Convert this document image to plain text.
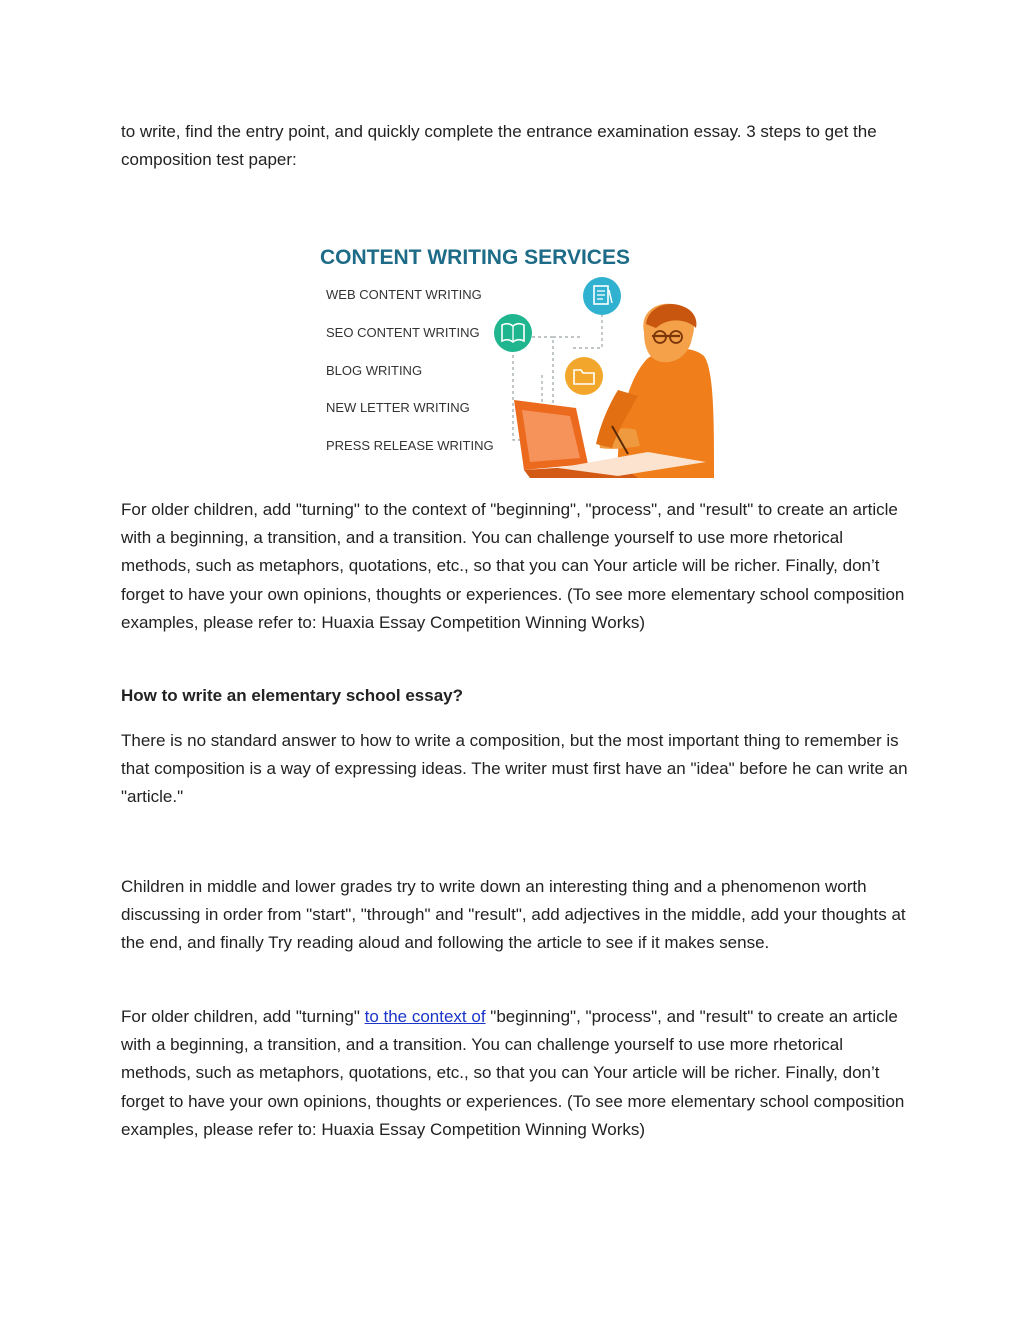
to write, find the entry point, and quickly complete the entrance examination essay. 3 steps to get the composition test paper:
CONTENT WRITING SERVICES
WEB CONTENT WRITING
SEO CONTENT WRITING
BLOG WRITING
NEW LETTER WRITING
PRESS RELEASE WRITING
For older children, add "turning" to the context of "beginning", "process", and "result" to create an article with a beginning, a transition, and a transition. You can challenge yourself to use more rhetorical methods, such as metaphors, quotations, etc., so that you can Your article will be richer. Finally, don’t forget to have your own opinions, thoughts or experiences. (To see more elementary school composition examples, please refer to: Huaxia Essay Competition Winning Works)
How to write an elementary school essay?
There is no standard answer to how to write a composition, but the most important thing to remember is that composition is a way of expressing ideas. The writer must first have an "idea" before he can write an "article."
Children in middle and lower grades try to write down an interesting thing and a phenomenon worth discussing in order from "start", "through" and "result", add adjectives in the middle, add your thoughts at the end, and finally Try reading aloud and following the article to see if it makes sense.
For older children, add "turning" to the context of "beginning", "process", and "result" to create an article with a beginning, a transition, and a transition. You can challenge yourself to use more rhetorical methods, such as metaphors, quotations, etc., so that you can Your article will be richer. Finally, don’t forget to have your own opinions, thoughts or experiences. (To see more elementary school composition examples, please refer to: Huaxia Essay Competition Winning Works)
